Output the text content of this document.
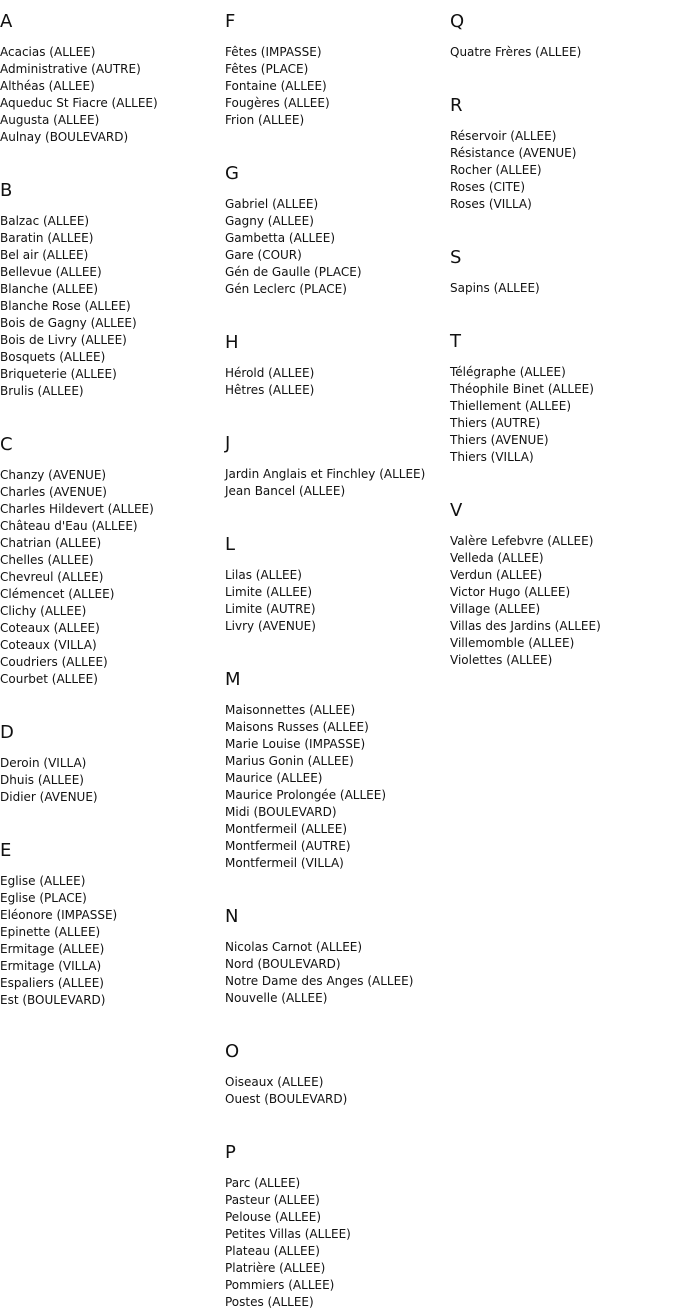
A
Acacias (ALLEE)
Administrative (AUTRE)
Althéas (ALLEE)
Aqueduc St Fiacre (ALLEE)
Augusta (ALLEE)
Aulnay (BOULEVARD)
B
Balzac (ALLEE)
Baratin (ALLEE)
Bel air (ALLEE)
Bellevue (ALLEE)
Blanche (ALLEE)
Blanche Rose (ALLEE)
Bois de Gagny (ALLEE)
Bois de Livry (ALLEE)
Bosquets (ALLEE)
Briqueterie (ALLEE)
Brulis (ALLEE)
C
Chanzy (AVENUE)
Charles (AVENUE)
Charles Hildevert (ALLEE)
Château d'Eau (ALLEE)
Chatrian (ALLEE)
Chelles (ALLEE)
Chevreul (ALLEE)
Clémencet (ALLEE)
Clichy (ALLEE)
Coteaux (ALLEE)
Coteaux (VILLA)
Coudriers (ALLEE)
Courbet (ALLEE)
D
Deroin (VILLA)
Dhuis (ALLEE)
Didier (AVENUE)
E
Eglise (ALLEE)
Eglise (PLACE)
Eléonore (IMPASSE)
Epinette (ALLEE)
Ermitage (ALLEE)
Ermitage (VILLA)
Espaliers (ALLEE)
Est (BOULEVARD)
F
Fêtes (IMPASSE)
Fêtes (PLACE)
Fontaine (ALLEE)
Fougères (ALLEE)
Frion (ALLEE)
G
Gabriel (ALLEE)
Gagny (ALLEE)
Gambetta (ALLEE)
Gare (COUR)
Gén de Gaulle (PLACE)
Gén Leclerc (PLACE)
H
Hérold (ALLEE)
Hêtres (ALLEE)
J
Jardin Anglais et Finchley (ALLEE)
Jean Bancel (ALLEE)
L
Lilas (ALLEE)
Limite (ALLEE)
Limite (AUTRE)
Livry (AVENUE)
M
Maisonnettes (ALLEE)
Maisons Russes (ALLEE)
Marie Louise (IMPASSE)
Marius Gonin (ALLEE)
Maurice (ALLEE)
Maurice Prolongée (ALLEE)
Midi (BOULEVARD)
Montfermeil (ALLEE)
Montfermeil (AUTRE)
Montfermeil (VILLA)
N
Nicolas Carnot (ALLEE)
Nord (BOULEVARD)
Notre Dame des Anges (ALLEE)
Nouvelle (ALLEE)
O
Oiseaux (ALLEE)
Ouest (BOULEVARD)
P
Parc (ALLEE)
Pasteur (ALLEE)
Pelouse (ALLEE)
Petites Villas (ALLEE)
Plateau (ALLEE)
Platrière (ALLEE)
Pommiers (ALLEE)
Postes (ALLEE)
Q
Quatre Frères (ALLEE)
R
Réservoir (ALLEE)
Résistance (AVENUE)
Rocher (ALLEE)
Roses (CITE)
Roses (VILLA)
S
Sapins (ALLEE)
T
Télégraphe (ALLEE)
Théophile Binet (ALLEE)
Thiellement (ALLEE)
Thiers (AUTRE)
Thiers (AVENUE)
Thiers (VILLA)
V
Valère Lefebvre (ALLEE)
Velleda (ALLEE)
Verdun (ALLEE)
Victor Hugo (ALLEE)
Village (ALLEE)
Villas des Jardins (ALLEE)
Villemomble (ALLEE)
Violettes (ALLEE)
